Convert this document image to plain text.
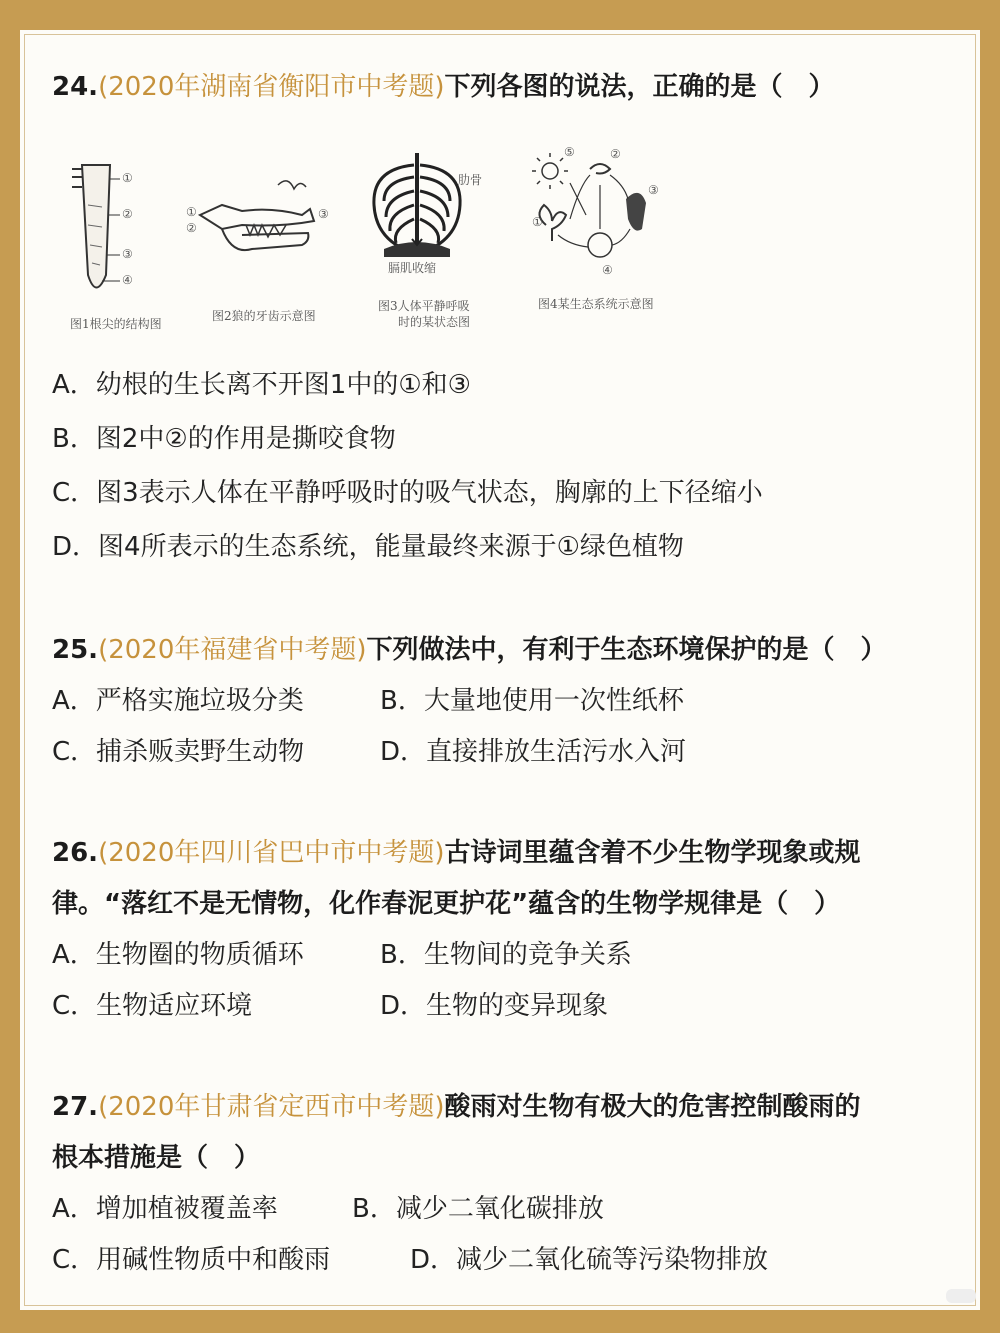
24.(2020年湖南省衡阳市中考题)下列各图的说法，正确的是（　）
①
②
③
④
图1根尖的结构图
①
②
③
图2狼的牙齿示意图
肋骨
膈肌收缩
图3人体平静呼吸
时的某状态图
①
②
③
④
⑤
图4某生态系统示意图
A．幼根的生长离不开图1中的①和③
B．图2中②的作用是撕咬食物
C．图3表示人体在平静呼吸时的吸气状态，胸廓的上下径缩小
D．图4所表示的生态系统，能量最终来源于①绿色植物
25.(2020年福建省中考题)下列做法中，有利于生态环境保护的是（　）
A．严格实施垃圾分类	B．大量地使用一次性纸杯
C．捕杀贩卖野生动物	D．直接排放生活污水入河
26.(2020年四川省巴中市中考题)古诗词里蕴含着不少生物学现象或规
律。“落红不是无情物，化作春泥更护花”蕴含的生物学规律是（　）
A．生物圈的物质循环	B．生物间的竞争关系
C．生物适应环境	D．生物的变异现象
27.(2020年甘肃省定西市中考题)酸雨对生物有极大的危害控制酸雨的
根本措施是（　）
A．增加植被覆盖率	B．减少二氧化碳排放
C．用碱性物质中和酸雨	D．减少二氧化硫等污染物排放
